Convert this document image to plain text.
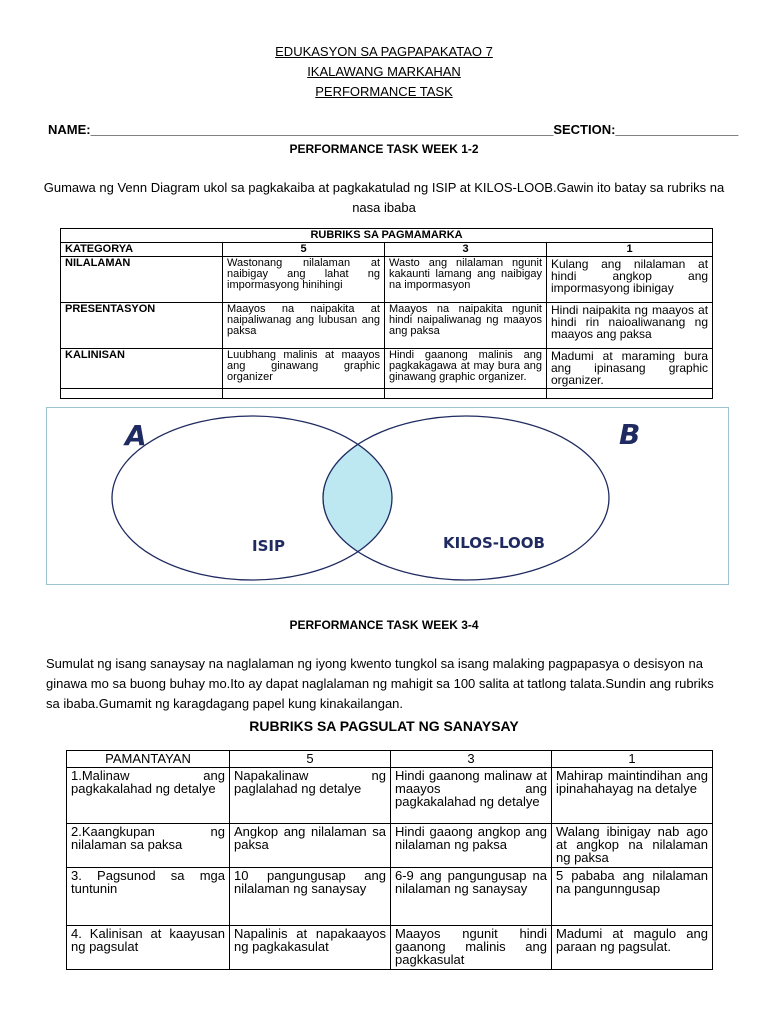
EDUKASYON SA PAGPAPAKATAO 7
IKALAWANG MARKAHAN
PERFORMANCE TASK
NAME:________________________________________________________________SECTION:_________________
PERFORMANCE TASK WEEK 1-2
Gumawa ng Venn Diagram ukol sa pagkakaiba at pagkakatulad ng ISIP at KILOS-LOOB.Gawin ito batay sa rubriks na nasa ibaba
RUBRIKS SA PAGMAMARKA			
KATEGORYA	5	3	1
NILALAMAN	Wastonang nilalaman at naibigay ang lahat ng impormasyong hinihingi	Wasto ang nilalaman ngunit kakaunti lamang ang naibigay na impormasyon	Kulang ang nilalaman at hindi angkop ang impormasyong ibinigay
PRESENTASYON	Maayos na naipakita at naipaliwanag ang lubusan ang paksa	Maayos na naipakita ngunit hindi naipaliwanag ng maayos ang paksa	Hindi naipakita ng maayos at hindi rin naioaliwanang ng maayos ang paksa
KALINISAN	Luubhang malinis at maayos ang ginawang graphic organizer	Hindi gaanong malinis ang pagkakagawa at may bura ang ginawang graphic organizer.	Madumi at maraming bura ang ipinasang graphic organizer.

A	B
ISIP	KILOS-LOOB
PERFORMANCE TASK WEEK 3-4
Sumulat ng isang sanaysay na naglalaman ng iyong kwento tungkol sa isang malaking pagpapasya o desisyon na ginawa mo sa buong buhay mo.Ito ay dapat naglalaman ng mahigit sa 100 salita at tatlong talata.Sundin ang rubriks sa ibaba.Gumamit ng karagdagang papel kung kinakailangan.
RUBRIKS SA PAGSULAT NG SANAYSAY
PAMANTAYAN	5	3	1
1.Malinaw ang pagkakalahad ng detalye	Napakalinaw ng paglalahad ng detalye	Hindi gaanong malinaw at maayos ang pagkakalahad ng detalye	Mahirap maintindihan ang ipinahahayag na detalye
2.Kaangkupan ng nilalaman sa paksa	Angkop ang nilalaman sa paksa	Hindi gaaong angkop ang nilalaman ng paksa	Walang ibinigay nab ago at angkop na nilalaman ng paksa
3. Pagsunod sa mga tuntunin	10 pangungusap ang nilalaman ng sanaysay	6-9 ang pangungusap na nilalaman ng sanaysay	5 pababa ang nilalaman na pangunngusap
4. Kalinisan at kaayusan ng pagsulat	Napalinis at napakaayos ng pagkakasulat	Maayos ngunit hindi gaanong malinis ang pagkkasulat	Madumi at magulo ang paraan ng pagsulat.
